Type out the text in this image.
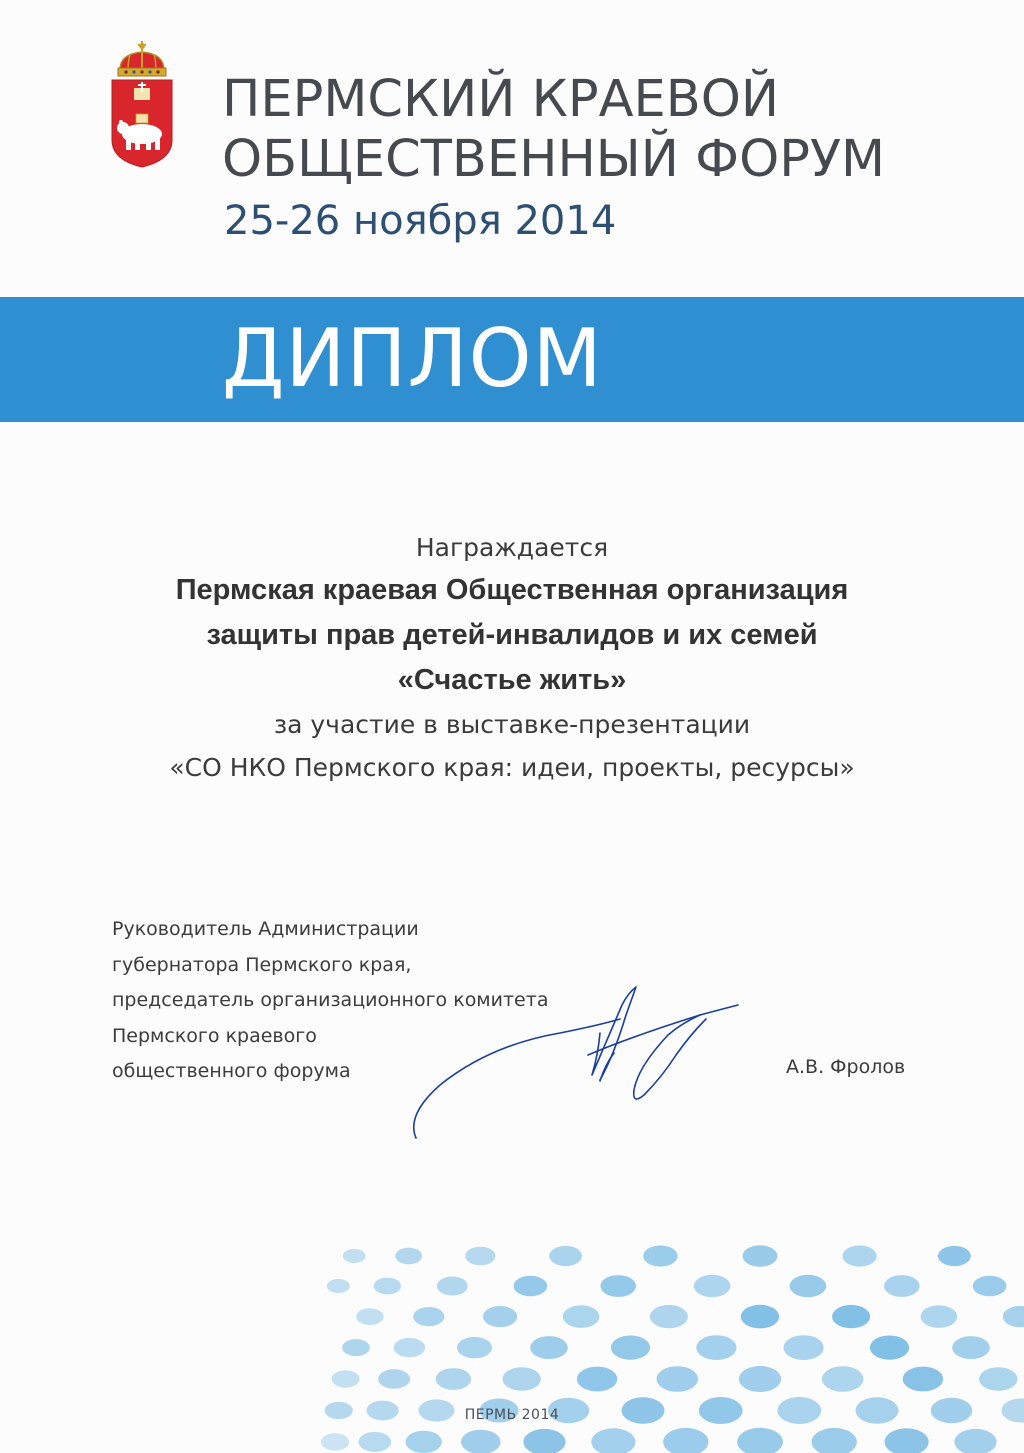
ПЕРМСКИЙ КРАЕВОЙ
ОБЩЕСТВЕННЫЙ ФОРУМ
25-26 ноября 2014
ДИПЛОМ
Награждается
Пермская краевая Общественная организация
защиты прав детей-инвалидов и их семей
«Счастье жить»
за участие в выставке-презентации
«СО НКО Пермского края: идеи, проекты, ресурсы»
Руководитель Администрации
губернатора Пермского края,
председатель организационного комитета
Пермского краевого
общественного форума	А.В. Фролов
ПЕРМЬ 2014
